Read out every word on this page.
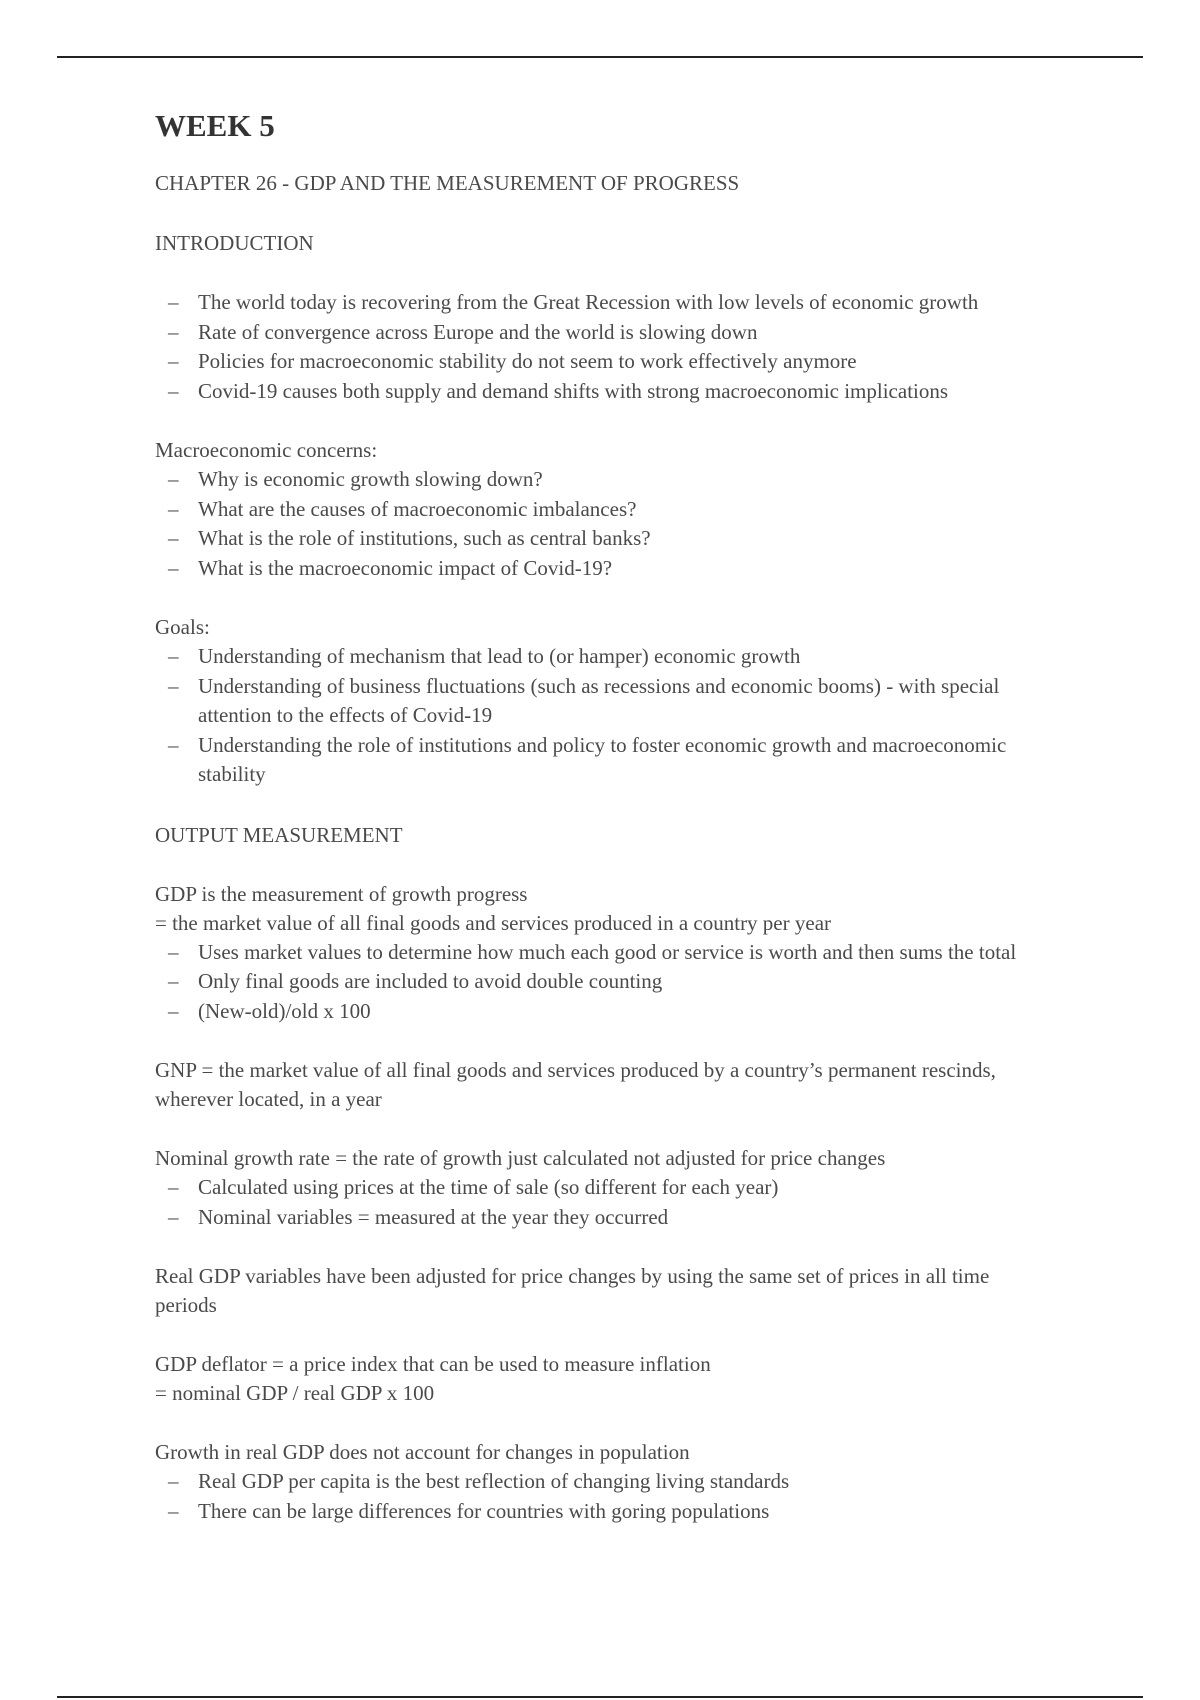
WEEK 5

CHAPTER 26 - GDP AND THE MEASUREMENT OF PROGRESS

INTRODUCTION

– The world today is recovering from the Great Recession with low levels of economic growth
– Rate of convergence across Europe and the world is slowing down
– Policies for macroeconomic stability do not seem to work effectively anymore
– Covid-19 causes both supply and demand shifts with strong macroeconomic implications

Macroeconomic concerns:

– Why is economic growth slowing down?
– What are the causes of macroeconomic imbalances?
– What is the role of institutions, such as central banks?
– What is the macroeconomic impact of Covid-19?

Goals:

– Understanding of mechanism that lead to (or hamper) economic growth
– Understanding of business fluctuations (such as recessions and economic booms) - with special attention to the effects of Covid-19
– Understanding the role of institutions and policy to foster economic growth and macroeconomic stability

OUTPUT MEASUREMENT

GDP is the measurement of growth progress
= the market value of all final goods and services produced in a country per year

– Uses market values to determine how much each good or service is worth and then sums the total
– Only final goods are included to avoid double counting
– (New-old)/old x 100

GNP = the market value of all final goods and services produced by a country’s permanent rescinds, wherever located, in a year

Nominal growth rate = the rate of growth just calculated not adjusted for price changes

– Calculated using prices at the time of sale (so different for each year)
– Nominal variables = measured at the year they occurred

Real GDP variables have been adjusted for price changes by using the same set of prices in all time periods

GDP deflator = a price index that can be used to measure inflation
= nominal GDP / real GDP x 100

Growth in real GDP does not account for changes in population

– Real GDP per capita is the best reflection of changing living standards
– There can be large differences for countries with goring populations
